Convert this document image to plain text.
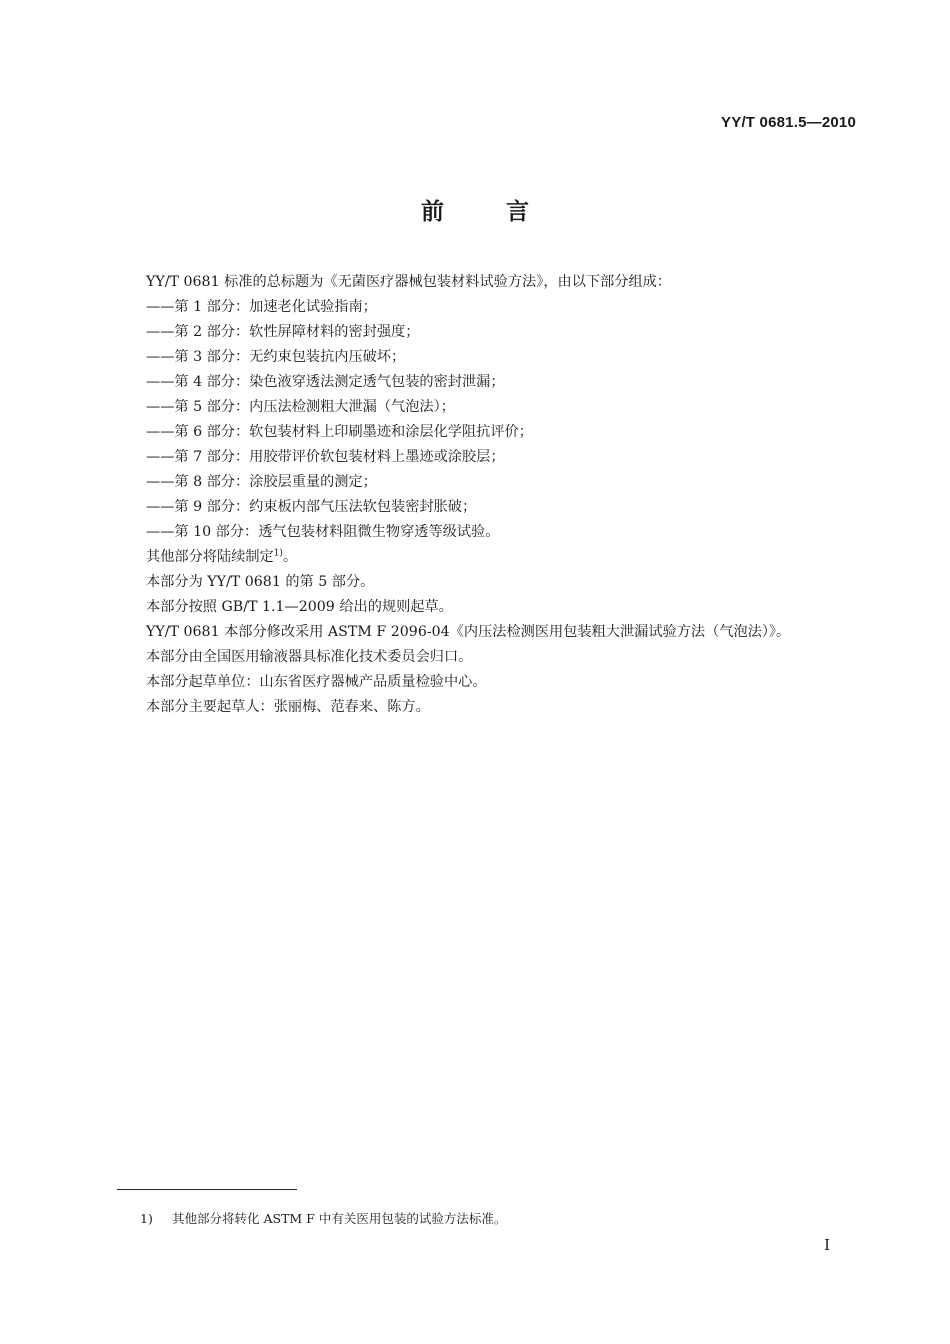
YY/T 0681.5—2010
前言

YY/T 0681 标准的总标题为《无菌医疗器械包装材料试验方法》，由以下部分组成：

——第 1 部分：加速老化试验指南；
——第 2 部分：软性屏障材料的密封强度；
——第 3 部分：无约束包装抗内压破坏；
——第 4 部分：染色液穿透法测定透气包装的密封泄漏；
——第 5 部分：内压法检测粗大泄漏（气泡法）；
——第 6 部分：软包装材料上印刷墨迹和涂层化学阻抗评价；
——第 7 部分：用胶带评价软包装材料上墨迹或涂胶层；
——第 8 部分：涂胶层重量的测定；
——第 9 部分：约束板内部气压法软包装密封胀破；
——第 10 部分：透气包装材料阻微生物穿透等级试验。

其他部分将陆续制定$^{1)}$。

本部分为 YY/T 0681 的第 5 部分。

本部分按照 GB/T 1.1—2009 给出的规则起草。

YY/T 0681 本部分修改采用 ASTM F 2096-04《内压法检测医用包装粗大泄漏试验方法（气泡法）》。

本部分由全国医用输液器具标准化技术委员会归口。

本部分起草单位：山东省医疗器械产品质量检验中心。

本部分主要起草人：张丽梅、范春来、陈方。

1) 其他部分将转化 ASTM F 中有关医用包装的试验方法标准。
I
